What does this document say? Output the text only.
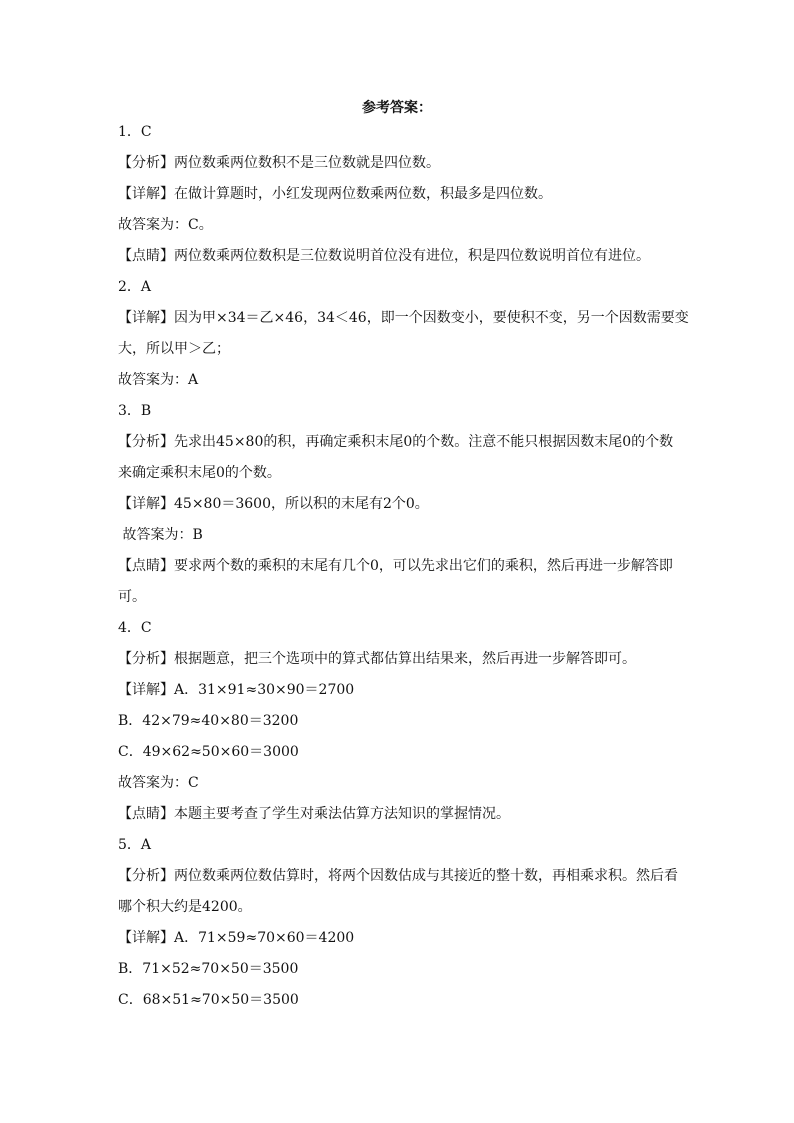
参考答案：
1．C
【分析】两位数乘两位数积不是三位数就是四位数。
【详解】在做计算题时，小红发现两位数乘两位数，积最多是四位数。
故答案为：C。
【点睛】两位数乘两位数积是三位数说明首位没有进位，积是四位数说明首位有进位。
2．A
【详解】因为甲×34＝乙×46，34＜46，即一个因数变小，要使积不变，另一个因数需要变
大，所以甲＞乙；
故答案为：A
3．B
【分析】先求出45×80的积，再确定乘积末尾0的个数。注意不能只根据因数末尾0的个数
来确定乘积末尾0的个数。
【详解】45×80＝3600，所以积的末尾有2个0。
故答案为：B
【点睛】要求两个数的乘积的末尾有几个0，可以先求出它们的乘积，然后再进一步解答即
可。
4．C
【分析】根据题意，把三个选项中的算式都估算出结果来，然后再进一步解答即可。
【详解】A．31×91≈30×90＝2700
B．42×79≈40×80＝3200
C．49×62≈50×60＝3000
故答案为：C
【点睛】本题主要考查了学生对乘法估算方法知识的掌握情况。
5．A
【分析】两位数乘两位数估算时，将两个因数估成与其接近的整十数，再相乘求积。然后看
哪个积大约是4200。
【详解】A．71×59≈70×60＝4200
B．71×52≈70×50＝3500
C．68×51≈70×50＝3500
